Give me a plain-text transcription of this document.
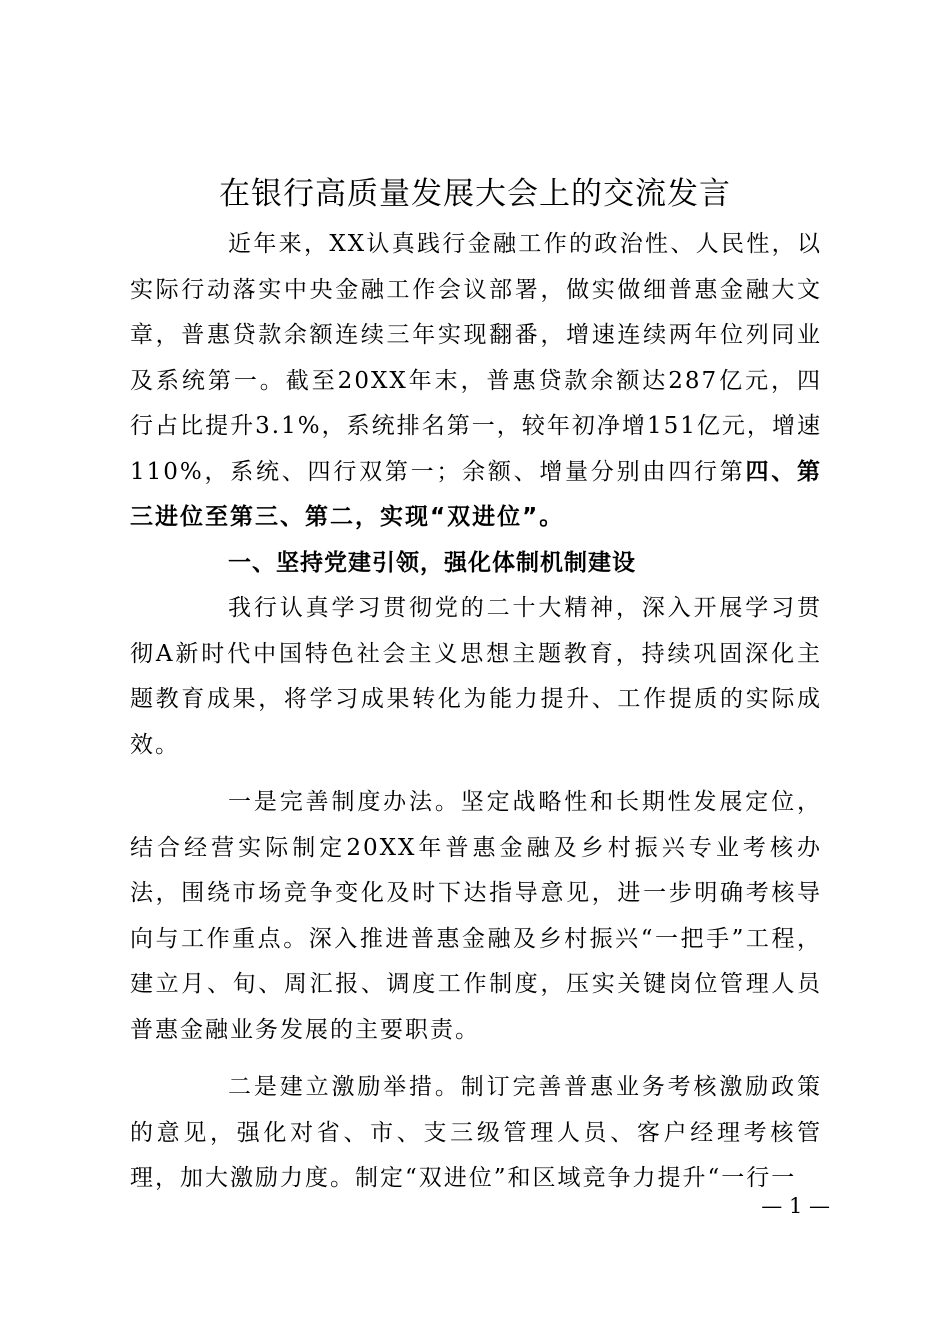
在银行高质量发展大会上的交流发言

近年来，XX认真践行金融工作的政治性、人民性，以实际行动落实中央金融工作会议部署，做实做细普惠金融大文章，普惠贷款余额连续三年实现翻番，增速连续两年位列同业及系统第一。截至20XX年末，普惠贷款余额达287亿元，四行占比提升3.1%，系统排名第一，较年初净增151亿元，增速110%，系统、四行双第一；余额、增量分别由四行第四、第三进位至第三、第二，实现“双进位”。

一、坚持党建引领，强化体制机制建设

我行认真学习贯彻党的二十大精神，深入开展学习贯彻A新时代中国特色社会主义思想主题教育，持续巩固深化主题教育成果，将学习成果转化为能力提升、工作提质的实际成效。

一是完善制度办法。坚定战略性和长期性发展定位，结合经营实际制定20XX年普惠金融及乡村振兴专业考核办法，围绕市场竞争变化及时下达指导意见，进一步明确考核导向与工作重点。深入推进普惠金融及乡村振兴“一把手”工程，建立月、旬、周汇报、调度工作制度，压实关键岗位管理人员普惠金融业务发展的主要职责。

二是建立激励举措。制订完善普惠业务考核激励政策的意见，强化对省、市、支三级管理人员、客户经理考核管理，加大激励力度。制定“双进位”和区域竞争力提升“一行一

— 1 —
